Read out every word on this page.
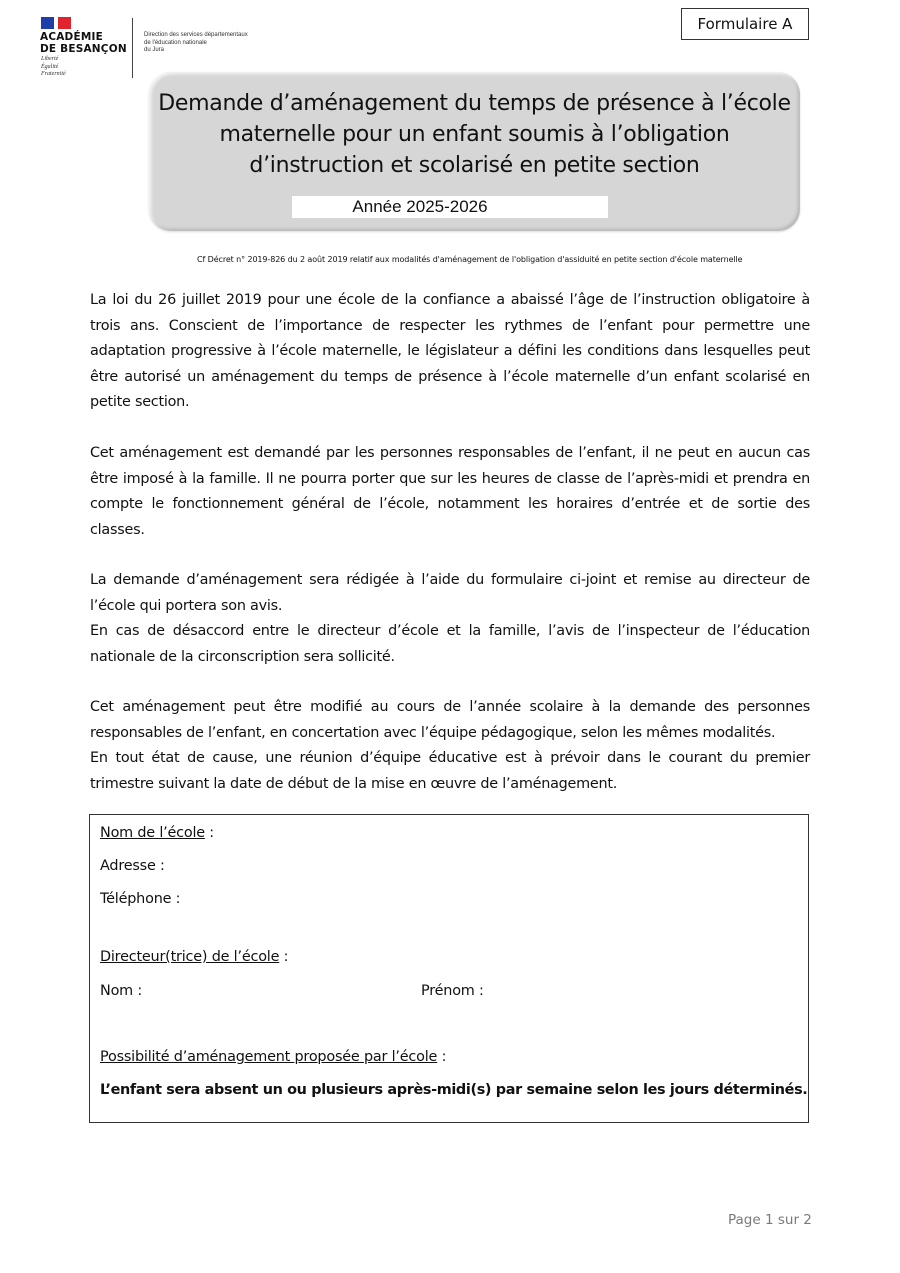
ACADÉMIE
DE BESANÇON
Liberté
Égalité
Fraternité
Direction des services départementaux
de l'éducation nationale
du Jura
Formulaire A
Demande d’aménagement du temps de présence à l’école
maternelle pour un enfant soumis à l’obligation
d’instruction et scolarisé en petite section
Année 2025-2026
Cf Décret n° 2019-826 du 2 août 2019 relatif aux modalités d'aménagement de l'obligation d'assiduité en petite section d'école maternelle

La loi du 26 juillet 2019 pour une école de la confiance a abaissé l’âge de l’instruction obligatoire à trois ans. Conscient de l’importance de respecter les rythmes de l’enfant pour permettre une adaptation progressive à l’école maternelle, le législateur a défini les conditions dans lesquelles peut être autorisé un aménagement du temps de présence à l’école maternelle d’un enfant scolarisé en petite section.

Cet aménagement est demandé par les personnes responsables de l’enfant, il ne peut en aucun cas être imposé à la famille. Il ne pourra porter que sur les heures de classe de l’après-midi et prendra en compte le fonctionnement général de l’école, notamment les horaires d’entrée et de sortie des classes.

La demande d’aménagement sera rédigée à l’aide du formulaire ci-joint et remise au directeur de l’école qui portera son avis.
En cas de désaccord entre le directeur d’école et la famille, l’avis de l’inspecteur de l’éducation nationale de la circonscription sera sollicité.
Cet aménagement peut être modifié au cours de l’année scolaire à la demande des personnes responsables de l’enfant, en concertation avec l’équipe pédagogique, selon les mêmes modalités.
En tout état de cause, une réunion d’équipe éducative est à prévoir dans le courant du premier trimestre suivant la date de début de la mise en œuvre de l’aménagement.
Nom de l’école :
Adresse :
Téléphone :
Directeur(trice) de l’école :
Nom :	Prénom :
Possibilité d’aménagement proposée par l’école :
L’enfant sera absent un ou plusieurs après-midi(s) par semaine selon les jours déterminés.
Page 1 sur 2
